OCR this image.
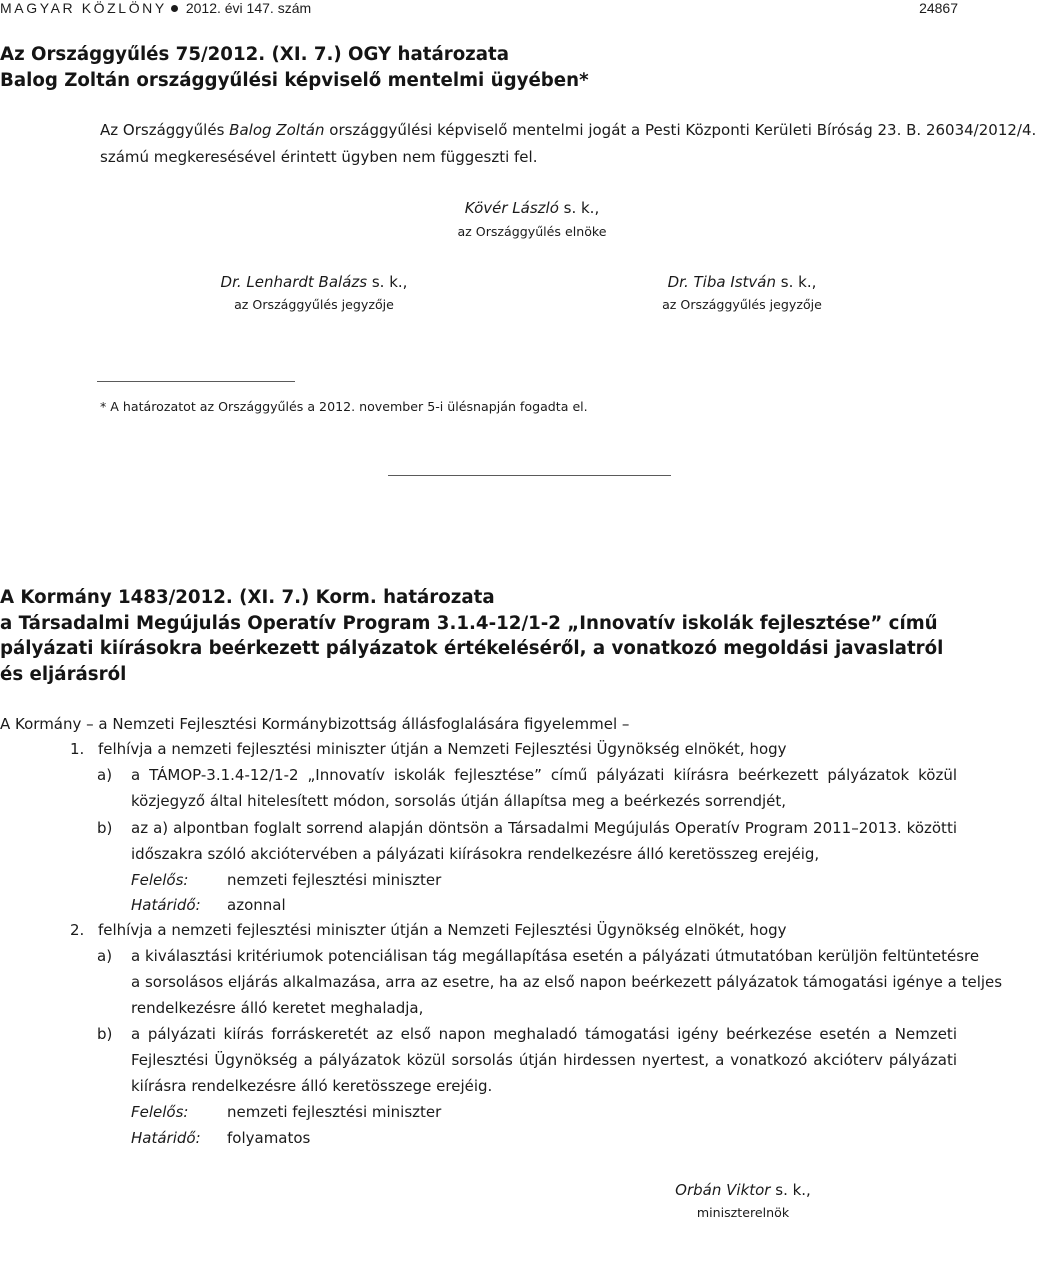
MAGYAR KÖZLÖNY 2012. évi 147. szám	24867
Az Országgyűlés 75/2012. (XI. 7.) OGY határozata
Balog Zoltán országgyűlési képviselő mentelmi ügyében*
Az Országgyűlés Balog Zoltán országgyűlési képviselő mentelmi jogát a Pesti Központi Kerületi Bíróság 23. B. 26034/2012/4.
számú megkeresésével érintett ügyben nem függeszti fel.
Kövér László s. k.,
az Országgyűlés elnöke
Dr. Lenhardt Balázs s. k.,
az Országgyűlés jegyzője
Dr. Tiba István s. k.,
az Országgyűlés jegyzője
* A határozatot az Országgyűlés a 2012. november 5-i ülésnapján fogadta el.
A Kormány 1483/2012. (XI. 7.) Korm. határozata
a Társadalmi Megújulás Operatív Program 3.1.4-12/1-2 „Innovatív iskolák fejlesztése” című
pályázati kiírásokra beérkezett pályázatok értékeléséről, a vonatkozó megoldási javaslatról
és eljárásról
A Kormány – a Nemzeti Fejlesztési Kormánybizottság állásfoglalására figyelemmel –
1. felhívja a nemzeti fejlesztési miniszter útján a Nemzeti Fejlesztési Ügynökség elnökét, hogy
a) a TÁMOP-3.1.4-12/1-2 „Innovatív iskolák fejlesztése” című pályázati kiírásra beérkezett pályázatok közül
közjegyző által hitelesített módon, sorsolás útján állapítsa meg a beérkezés sorrendjét,
b) az a) alpontban foglalt sorrend alapján döntsön a Társadalmi Megújulás Operatív Program 2011–2013. közötti
időszakra szóló akciótervében a pályázati kiírásokra rendelkezésre álló keretösszeg erejéig,
Felelős:	nemzeti fejlesztési miniszter
Határidő: azonnal
2. felhívja a nemzeti fejlesztési miniszter útján a Nemzeti Fejlesztési Ügynökség elnökét, hogy
a) a kiválasztási kritériumok potenciálisan tág megállapítása esetén a pályázati útmutatóban kerüljön feltüntetésre
a sorsolásos eljárás alkalmazása, arra az esetre, ha az első napon beérkezett pályázatok támogatási igénye a teljes
rendelkezésre álló keretet meghaladja,
b) a pályázati kiírás forráskeretét az első napon meghaladó támogatási igény beérkezése esetén a Nemzeti
Fejlesztési Ügynökség a pályázatok közül sorsolás útján hirdessen nyertest, a vonatkozó akcióterv pályázati
kiírásra rendelkezésre álló keretösszege erejéig.
Felelős:	nemzeti fejlesztési miniszter
Határidő: folyamatos
Orbán Viktor s. k.,
miniszterelnök
